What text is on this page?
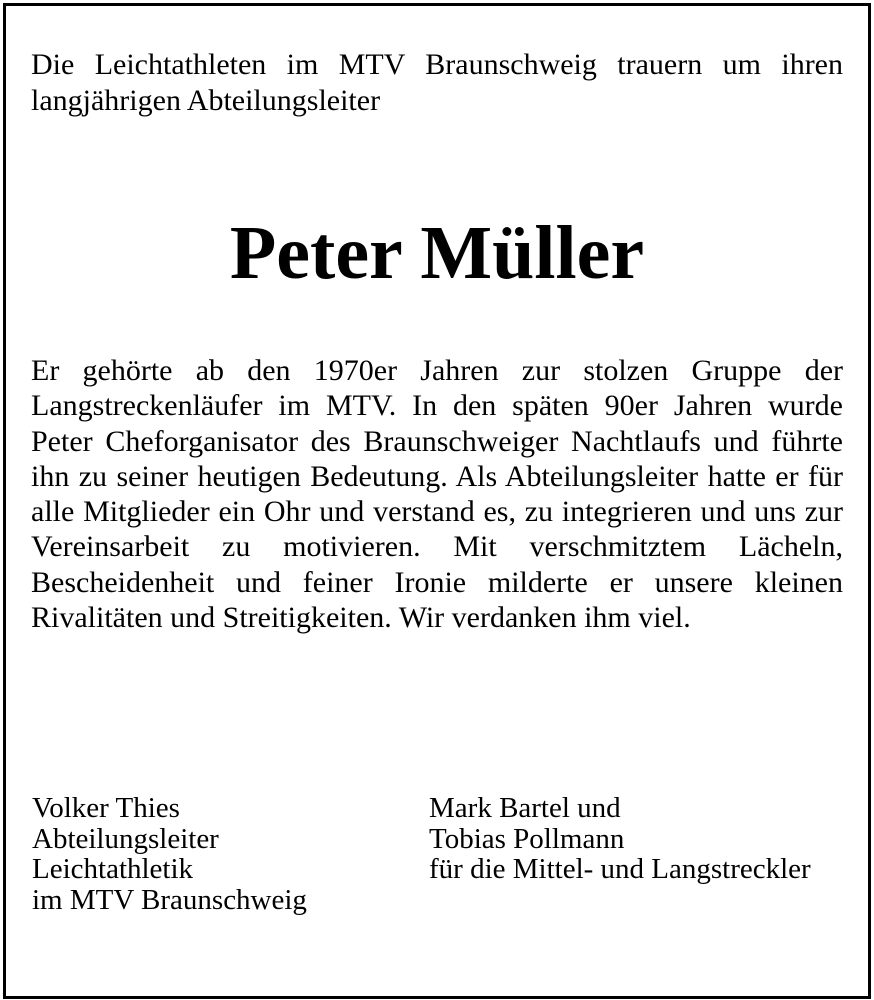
Die Leichtathleten im MTV Braunschweig trauern um ihren langjährigen Abteilungsleiter

Peter Müller

Er gehörte ab den 1970er Jahren zur stolzen Gruppe der Langstreckenläufer im MTV. In den späten 90er Jahren wurde Peter Cheforganisator des Braunschweiger Nachtlaufs und führte ihn zu seiner heutigen Bedeutung. Als Abteilungsleiter hatte er für alle Mitglieder ein Ohr und verstand es, zu integrieren und uns zur Vereinsarbeit zu motivieren. Mit verschmitztem Lächeln, Bescheidenheit und feiner Ironie milderte er unsere kleinen Rivalitäten und Streitigkeiten. Wir verdanken ihm viel.

Volker Thies
Abteilungsleiter
Leichtathletik
im MTV Braunschweig
Mark Bartel und
Tobias Pollmann
für die Mittel- und Langstreckler
